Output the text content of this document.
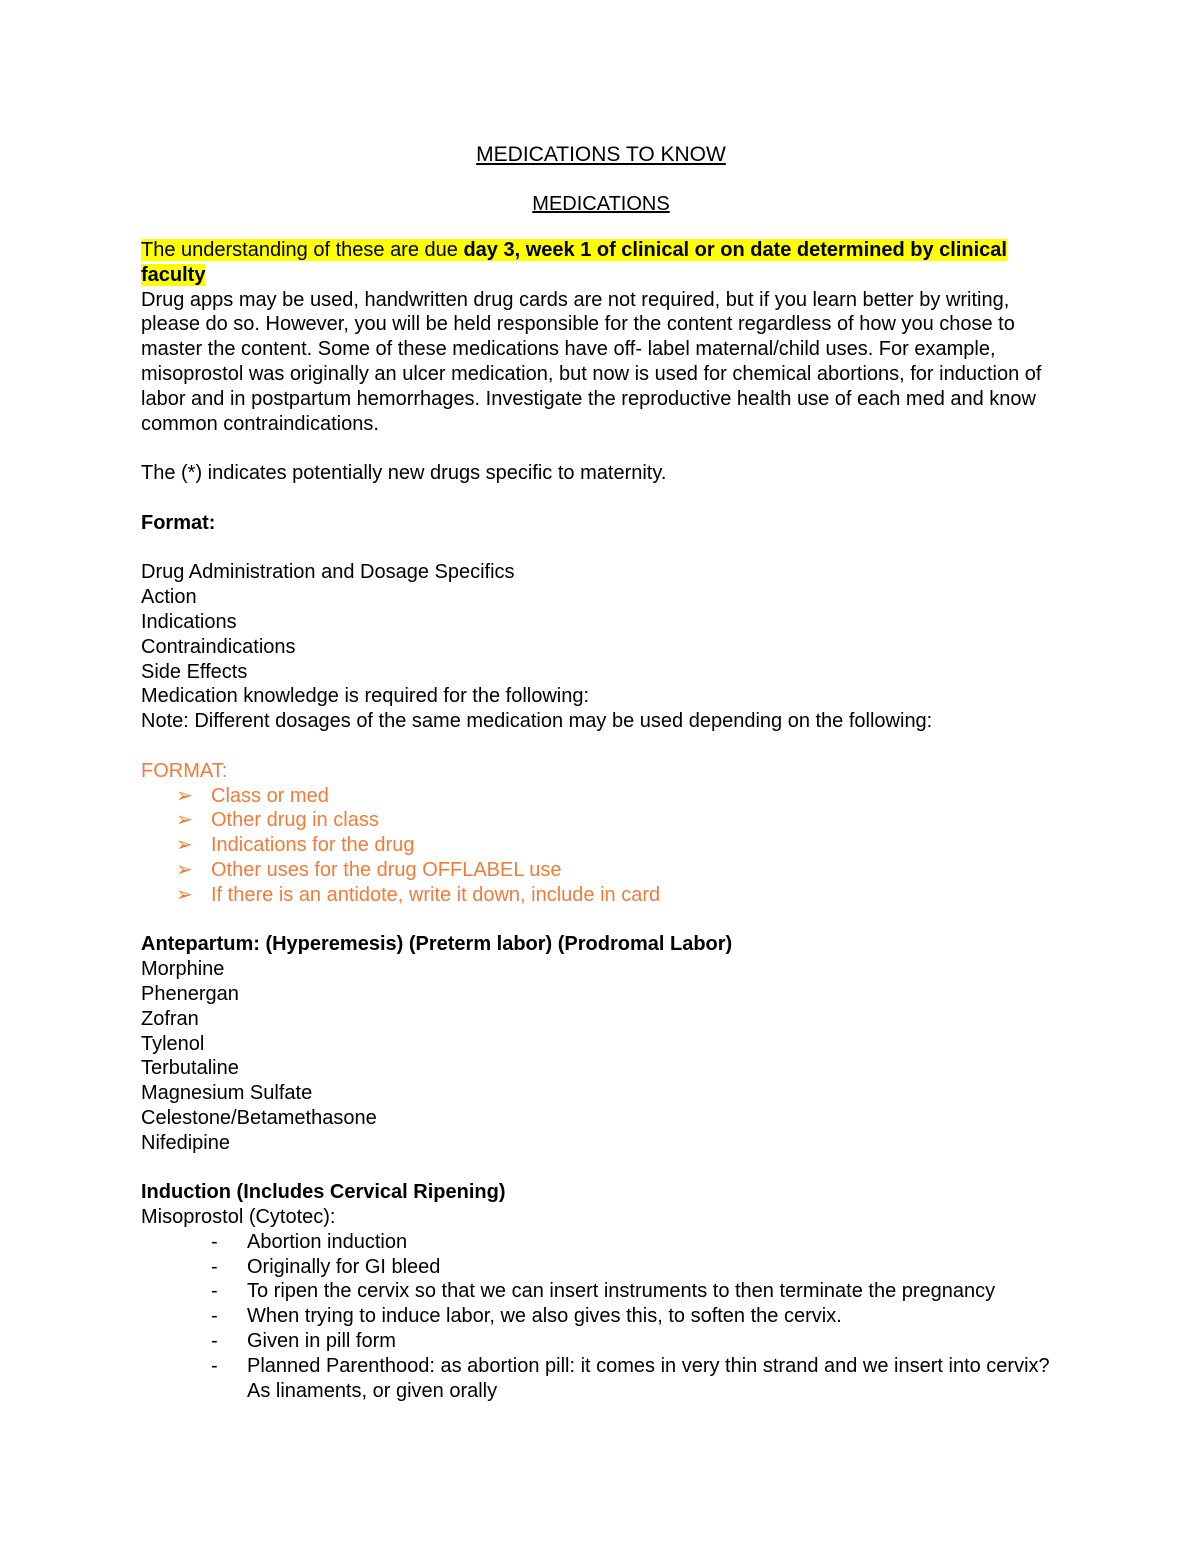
MEDICATIONS TO KNOW

MEDICATIONS

The understanding of these are due day 3, week 1 of clinical or on date determined by clinical faculty

Drug apps may be used, handwritten drug cards are not required, but if you learn better by writing, please do so. However, you will be held responsible for the content regardless of how you chose to master the content. Some of these medications have off- label maternal/child uses. For example, misoprostol was originally an ulcer medication, but now is used for chemical abortions, for induction of labor and in postpartum hemorrhages. Investigate the reproductive health use of each med and know common contraindications.

The (*) indicates potentially new drugs specific to maternity.

Format:

Drug Administration and Dosage Specifics

Action

Indications

Contraindications

Side Effects

Medication knowledge is required for the following:

Note: Different dosages of the same medication may be used depending on the following:

FORMAT:

➢ Class or med
➢ Other drug in class
➢ Indications for the drug
➢ Other uses for the drug OFFLABEL use
➢ If there is an antidote, write it down, include in card

Antepartum: (Hyperemesis) (Preterm labor) (Prodromal Labor)

Morphine

Phenergan

Zofran

Tylenol

Terbutaline

Magnesium Sulfate

Celestone/Betamethasone

Nifedipine

Induction (Includes Cervical Ripening)

Misoprostol (Cytotec):

- Abortion induction
- Originally for GI bleed
- To ripen the cervix so that we can insert instruments to then terminate the pregnancy
- When trying to induce labor, we also gives this, to soften the cervix.
- Given in pill form
- Planned Parenthood: as abortion pill: it comes in very thin strand and we insert into cervix? As linaments, or given orally
